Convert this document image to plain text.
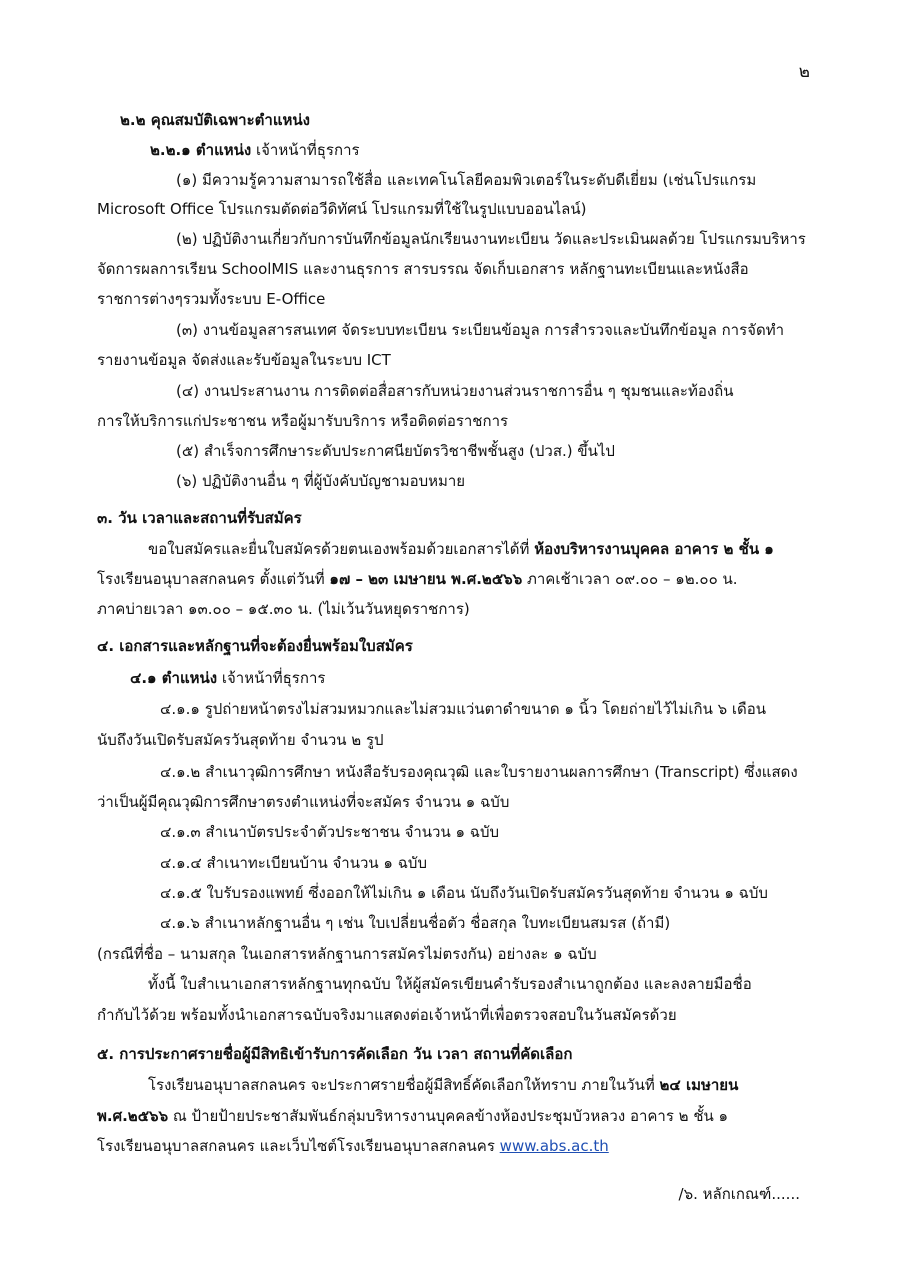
๒
๒.๒ คุณสมบัติเฉพาะตำแหน่ง
๒.๒.๑ ตำแหน่ง เจ้าหน้าที่ธุรการ
(๑) มีความรู้ความสามารถใช้สื่อ และเทคโนโลยีคอมพิวเตอร์ในระดับดีเยี่ยม (เช่นโปรแกรม
Microsoft Office โปรแกรมตัดต่อวีดิทัศน์ โปรแกรมที่ใช้ในรูปแบบออนไลน์)
(๒) ปฏิบัติงานเกี่ยวกับการบันทึกข้อมูลนักเรียนงานทะเบียน วัดและประเมินผลด้วย โปรแกรมบริหาร
จัดการผลการเรียน SchoolMIS และงานธุรการ สารบรรณ จัดเก็บเอกสาร หลักฐานทะเบียนและหนังสือ
ราชการต่างๆรวมทั้งระบบ E-Office
(๓) งานข้อมูลสารสนเทศ จัดระบบทะเบียน ระเบียนข้อมูล การสำรวจและบันทึกข้อมูล การจัดทำ
รายงานข้อมูล จัดส่งและรับข้อมูลในระบบ ICT
(๔) งานประสานงาน การติดต่อสื่อสารกับหน่วยงานส่วนราชการอื่น ๆ ชุมชนและท้องถิ่น
การให้บริการแก่ประชาชน หรือผู้มารับบริการ หรือติดต่อราชการ
(๕) สำเร็จการศึกษาระดับประกาศนียบัตรวิชาชีพชั้นสูง (ปวส.) ขึ้นไป
(๖) ปฏิบัติงานอื่น ๆ ที่ผู้บังคับบัญชามอบหมาย
๓. วัน เวลาและสถานที่รับสมัคร
ขอใบสมัครและยื่นใบสมัครด้วยตนเองพร้อมด้วยเอกสารได้ที่ ห้องบริหารงานบุคคล อาคาร ๒ ชั้น ๑
โรงเรียนอนุบาลสกลนคร ตั้งแต่วันที่ ๑๗ – ๒๓ เมษายน พ.ศ.๒๕๖๖ ภาคเช้าเวลา ๐๙.๐๐ – ๑๒.๐๐ น.
ภาคบ่ายเวลา ๑๓.๐๐ – ๑๕.๓๐ น. (ไม่เว้นวันหยุดราชการ)
๔. เอกสารและหลักฐานที่จะต้องยื่นพร้อมใบสมัคร
๔.๑ ตำแหน่ง เจ้าหน้าที่ธุรการ
๔.๑.๑ รูปถ่ายหน้าตรงไม่สวมหมวกและไม่สวมแว่นตาดำขนาด ๑ นิ้ว โดยถ่ายไว้ไม่เกิน ๖ เดือน
นับถึงวันเปิดรับสมัครวันสุดท้าย จำนวน ๒ รูป
๔.๑.๒ สำเนาวุฒิการศึกษา หนังสือรับรองคุณวุฒิ และใบรายงานผลการศึกษา (Transcript) ซึ่งแสดง
ว่าเป็นผู้มีคุณวุฒิการศึกษาตรงตำแหน่งที่จะสมัคร จำนวน ๑ ฉบับ
๔.๑.๓ สำเนาบัตรประจำตัวประชาชน จำนวน ๑ ฉบับ
๔.๑.๔ สำเนาทะเบียนบ้าน จำนวน ๑ ฉบับ
๔.๑.๕ ใบรับรองแพทย์ ซึ่งออกให้ไม่เกิน ๑ เดือน นับถึงวันเปิดรับสมัครวันสุดท้าย จำนวน ๑ ฉบับ
๔.๑.๖ สำเนาหลักฐานอื่น ๆ เช่น ใบเปลี่ยนชื่อตัว ชื่อสกุล ใบทะเบียนสมรส (ถ้ามี)
(กรณีที่ชื่อ – นามสกุล ในเอกสารหลักฐานการสมัครไม่ตรงกัน) อย่างละ ๑ ฉบับ
ทั้งนี้ ใบสำเนาเอกสารหลักฐานทุกฉบับ ให้ผู้สมัครเขียนคำรับรองสำเนาถูกต้อง และลงลายมือชื่อ
กำกับไว้ด้วย พร้อมทั้งนำเอกสารฉบับจริงมาแสดงต่อเจ้าหน้าที่เพื่อตรวจสอบในวันสมัครด้วย
๕. การประกาศรายชื่อผู้มีสิทธิเข้ารับการคัดเลือก วัน เวลา สถานที่คัดเลือก
โรงเรียนอนุบาลสกลนคร จะประกาศรายชื่อผู้มีสิทธิ์คัดเลือกให้ทราบ ภายในวันที่ ๒๔ เมษายน
พ.ศ.๒๕๖๖ ณ ป้ายป้ายประชาสัมพันธ์กลุ่มบริหารงานบุคคลข้างห้องประชุมบัวหลวง อาคาร ๒ ชั้น ๑
โรงเรียนอนุบาลสกลนคร และเว็บไซต์โรงเรียนอนุบาลสกลนคร www.abs.ac.th
/๖. หลักเกณฑ์......
